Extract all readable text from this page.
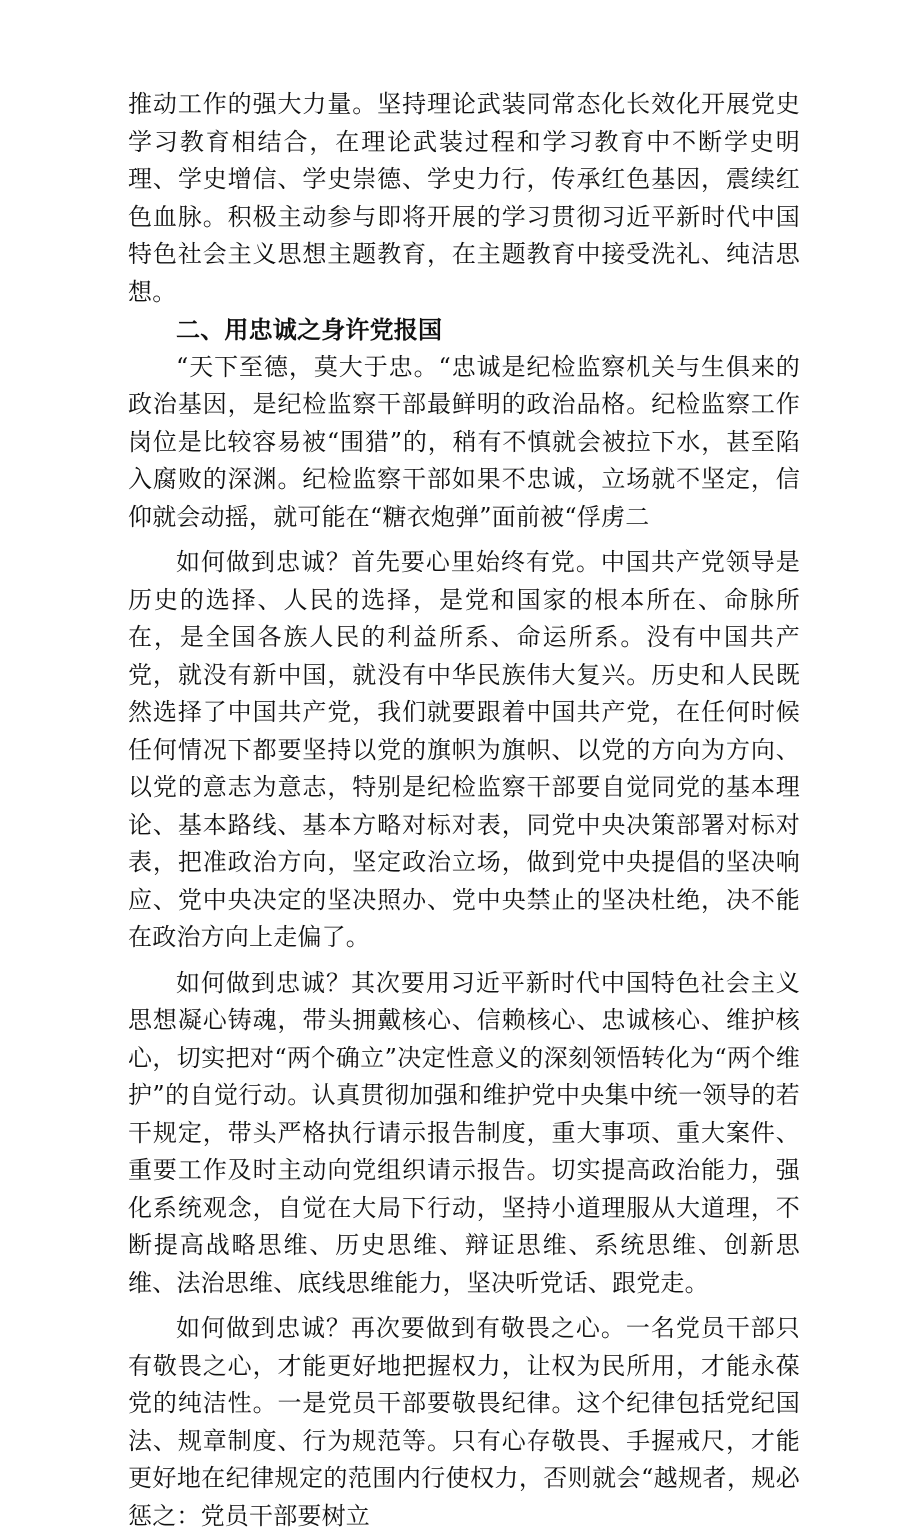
推动工作的强大力量。坚持理论武装同常态化长效化开展党史学习教育相结合，在理论武装过程和学习教育中不断学史明理、学史增信、学史崇德、学史力行，传承红色基因，震续红色血脉。积极主动参与即将开展的学习贯彻习近平新时代中国特色社会主义思想主题教育，在主题教育中接受洗礼、纯洁思想。

二、用忠诚之身许党报国

“天下至德，莫大于忠。“忠诚是纪检监察机关与生俱来的政治基因，是纪检监察干部最鲜明的政治品格。纪检监察工作岗位是比较容易被“围猎”的，稍有不慎就会被拉下水，甚至陷入腐败的深渊。纪检监察干部如果不忠诚，立场就不坚定，信仰就会动摇，就可能在“糖衣炮弹”面前被“俘虏二

如何做到忠诚？首先要心里始终有党。中国共产党领导是历史的选择、人民的选择，是党和国家的根本所在、命脉所在，是全国各族人民的利益所系、命运所系。没有中国共产党，就没有新中国，就没有中华民族伟大复兴。历史和人民既然选择了中国共产党，我们就要跟着中国共产党，在任何时候任何情况下都要坚持以党的旗帜为旗帜、以党的方向为方向、以党的意志为意志，特别是纪检监察干部要自觉同党的基本理论、基本路线、基本方略对标对表，同党中央决策部署对标对表，把准政治方向，坚定政治立场，做到党中央提倡的坚决响应、党中央决定的坚决照办、党中央禁止的坚决杜绝，决不能在政治方向上走偏了。

如何做到忠诚？其次要用习近平新时代中国特色社会主义思想凝心铸魂，带头拥戴核心、信赖核心、忠诚核心、维护核心，切实把对“两个确立”决定性意义的深刻领悟转化为“两个维护”的自觉行动。认真贯彻加强和维护党中央集中统一领导的若干规定，带头严格执行请示报告制度，重大事项、重大案件、重要工作及时主动向党组织请示报告。切实提高政治能力，强化系统观念，自觉在大局下行动，坚持小道理服从大道理，不断提高战略思维、历史思维、辩证思维、系统思维、创新思维、法治思维、底线思维能力，坚决听党话、跟党走。

如何做到忠诚？再次要做到有敬畏之心。一名党员干部只有敬畏之心，才能更好地把握权力，让权为民所用，才能永葆党的纯洁性。一是党员干部要敬畏纪律。这个纪律包括党纪国法、规章制度、行为规范等。只有心存敬畏、手握戒尺，才能更好地在纪律规定的范围内行使权力，否则就会“越规者，规必惩之：党员干部要树立
